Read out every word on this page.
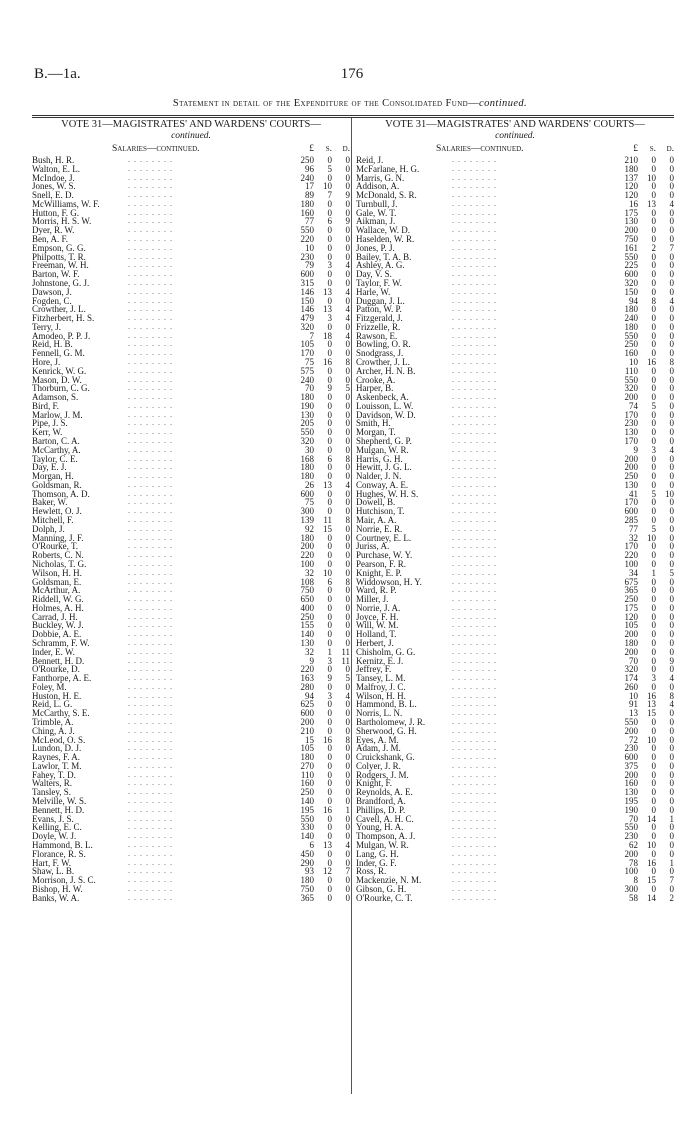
B.—1a.	176
Statement in detail of the Expenditure of the Consolidated Fund—continued.
VOTE 31—MAGISTRATES' AND WARDENS' COURTS—
continued.
Salaries—continued.	£ s. d.
Bush, H. R.	. . . . . . . .	250	0	0
Walton, E. L.	. . . . . . . .	96	5	0
McIndoe, J.	. . . . . . . .	240	0	0
Jones, W. S.	. . . . . . . .	17	10	0
Snell, E. D.	. . . . . . . .	89	7	9
McWilliams, W. F.	. . . . . . . .	180	0	0
Hutton, F. G.	. . . . . . . .	160	0	0
Morris, H. S. W.	. . . . . . . .	77	6	9
Dyer, R. W.	. . . . . . . .	550	0	0
Ben, A. F.	. . . . . . . .	220	0	0
Empson, G. G.	. . . . . . . .	10	0	0
Philpotts, T. R.	. . . . . . . .	230	0	0
Freeman, W. H.	. . . . . . . .	79	3	4
Barton, W. F.	. . . . . . . .	600	0	0
Johnstone, G. J.	. . . . . . . .	315	0	0
Dawson, J.	. . . . . . . .	146	13	4
Fogden, C.	. . . . . . . .	150	0	0
Crowther, J. L.	. . . . . . . .	146	13	4
Fitzherbert, H. S.	. . . . . . . .	479	3	4
Terry, J.	. . . . . . . .	320	0	0
Amodeo, P. P. J.	. . . . . . . .	7	18	4
Reid, H. B.	. . . . . . . .	105	0	0
Fennell, G. M.	. . . . . . . .	170	0	0
Hore, J.	. . . . . . . .	75	16	8
Kenrick, W. G.	. . . . . . . .	575	0	0
Mason, D. W.	. . . . . . . .	240	0	0
Thorburn, C. G.	. . . . . . . .	70	9	5
Adamson, S.	. . . . . . . .	180	0	0
Bird, F.	. . . . . . . .	190	0	0
Marlow, J. M.	. . . . . . . .	130	0	0
Pipe, J. S.	. . . . . . . .	205	0	0
Kerr, W.	. . . . . . . .	550	0	0
Barton, C. A.	. . . . . . . .	320	0	0
McCarthy, A.	. . . . . . . .	30	0	0
Taylor, C. E.	. . . . . . . .	168	6	8
Day, E. J.	. . . . . . . .	180	0	0
Morgan, H.	. . . . . . . .	180	0	0
Goldsman, R.	. . . . . . . .	26	13	4
Thomson, A. D.	. . . . . . . .	600	0	0
Baker, W.	. . . . . . . .	75	0	0
Hewlett, O. J.	. . . . . . . .	300	0	0
Mitchell, F.	. . . . . . . .	139	11	8
Dolph, J.	. . . . . . . .	92	15	0
Manning, J. F.	. . . . . . . .	180	0	0
O'Rourke, T.	. . . . . . . .	200	0	0
Roberts, C. N.	. . . . . . . .	220	0	0
Nicholas, T. G.	. . . . . . . .	100	0	0
Wilson, H. H.	. . . . . . . .	32	10	0
Goldsman, E.	. . . . . . . .	108	6	8
McArthur, A.	. . . . . . . .	750	0	0
Riddell, W. G.	. . . . . . . .	650	0	0
Holmes, A. H.	. . . . . . . .	400	0	0
Carrad, J. H.	. . . . . . . .	250	0	0
Buckley, W. J.	. . . . . . . .	155	0	0
Dobbie, A. E.	. . . . . . . .	140	0	0
Schramm, F. W.	. . . . . . . .	130	0	0
Inder, E. W.	. . . . . . . .	32	1	11
Bennett, H. D.	. . . . . . . .	9	3	11
O'Rourke, D.	. . . . . . . .	220	0	0
Fanthorpe, A. E.	. . . . . . . .	163	9	5
Foley, M.	. . . . . . . .	280	0	0
Huston, H. E.	. . . . . . . .	94	3	4
Reid, L. G.	. . . . . . . .	625	0	0
McCarthy, S. E.	. . . . . . . .	600	0	0
Trimble, A.	. . . . . . . .	200	0	0
Ching, A. J.	. . . . . . . .	210	0	0
McLeod, O. S.	. . . . . . . .	15	16	8
Lundon, D. J.	. . . . . . . .	105	0	0
Raynes, F. A.	. . . . . . . .	180	0	0
Lawlor, T. M.	. . . . . . . .	270	0	0
Fahey, T. D.	. . . . . . . .	110	0	0
Walters, R.	. . . . . . . .	160	0	0
Tansley, S.	. . . . . . . .	250	0	0
Melville, W. S.	. . . . . . . .	140	0	0
Bennett, H. D.	. . . . . . . .	195	16	1
Evans, J. S.	. . . . . . . .	550	0	0
Kelling, E. C.	. . . . . . . .	330	0	0
Doyle, W. J.	. . . . . . . .	140	0	0
Hammond, B. L.	. . . . . . . .	6	13	4
Florance, R. S.	. . . . . . . .	450	0	0
Hart, F. W.	. . . . . . . .	290	0	0
Shaw, L. B.	. . . . . . . .	93	12	7
Morrison, J. S. C.	. . . . . . . .	180	0	0
Bishop, H. W.	. . . . . . . .	750	0	0
Banks, W. A.	. . . . . . . .	365	0	0
VOTE 31—MAGISTRATES' AND WARDENS' COURTS—
continued.
Salaries—continued.	£ s. d.
Reid, J.	. . . . . . . .	210	0	0
McFarlane, H. G.	. . . . . . . .	180	0	0
Marris, G. N.	. . . . . . . .	137	10	0
Addison, A.	. . . . . . . .	120	0	0
McDonald, S. R.	. . . . . . . .	120	0	0
Turnbull, J.	. . . . . . . .	16	13	4
Gale, W. T.	. . . . . . . .	175	0	0
Aikman, J.	. . . . . . . .	130	0	0
Wallace, W. D.	. . . . . . . .	200	0	0
Haselden, W. R.	. . . . . . . .	750	0	0
Jones, P. J.	. . . . . . . .	161	2	7
Bailey, T. A. B.	. . . . . . . .	550	0	0
Ashley, A. G.	. . . . . . . .	225	0	0
Day, V. S.	. . . . . . . .	600	0	0
Taylor, F. W.	. . . . . . . .	320	0	0
Harle, W.	. . . . . . . .	150	0	0
Duggan, J. L.	. . . . . . . .	94	8	4
Patton, W. P.	. . . . . . . .	180	0	0
Fitzgerald, J.	. . . . . . . .	240	0	0
Frizzelle, R.	. . . . . . . .	180	0	0
Rawson, E.	. . . . . . . .	550	0	0
Bowling, O. R.	. . . . . . . .	250	0	0
Snodgrass, J.	. . . . . . . .	160	0	0
Crowther, J. L.	. . . . . . . .	10	16	8
Archer, H. N. B.	. . . . . . . .	110	0	0
Crooke, A.	. . . . . . . .	550	0	0
Harper, B.	. . . . . . . .	320	0	0
Askenbeck, A.	. . . . . . . .	200	0	0
Louisson, L. W.	. . . . . . . .	74	5	0
Davidson, W. D.	. . . . . . . .	170	0	0
Smith, H.	. . . . . . . .	230	0	0
Morgan, T.	. . . . . . . .	130	0	0
Shepherd, G. P.	. . . . . . . .	170	0	0
Mulgan, W. R.	. . . . . . . .	9	3	4
Harris, G. H.	. . . . . . . .	200	0	0
Hewitt, J. G. L.	. . . . . . . .	200	0	0
Nalder, J. N.	. . . . . . . .	250	0	0
Conway, A. E.	. . . . . . . .	130	0	0
Hughes, W. H. S.	. . . . . . . .	41	5	10
Dowell, B.	. . . . . . . .	170	0	0
Hutchison, T.	. . . . . . . .	600	0	0
Mair, A. A.	. . . . . . . .	285	0	0
Norrie, E. R.	. . . . . . . .	77	5	0
Courtney, E. L.	. . . . . . . .	32	10	0
Juriss, A.	. . . . . . . .	170	0	0
Purchase, W. Y.	. . . . . . . .	220	0	0
Pearson, F. R.	. . . . . . . .	100	0	0
Knight, E. P.	. . . . . . . .	34	1	5
Widdowson, H. Y.	. . . . . . . .	675	0	0
Ward, R. P.	. . . . . . . .	365	0	0
Miller, J.	. . . . . . . .	250	0	0
Norrie, J. A.	. . . . . . . .	175	0	0
Joyce, F. H.	. . . . . . . .	120	0	0
Will, W. M.	. . . . . . . .	105	0	0
Holland, T.	. . . . . . . .	200	0	0
Herbert, J.	. . . . . . . .	180	0	0
Chisholm, G. G.	. . . . . . . .	200	0	0
Kernitz, E. J.	. . . . . . . .	70	0	9
Jeffrey, F.	. . . . . . . .	320	0	0
Tansey, L. M.	. . . . . . . .	174	3	4
Malfroy, J. C.	. . . . . . . .	260	0	0
Wilson, H. H.	. . . . . . . .	10	16	8
Hammond, B. L.	. . . . . . . .	91	13	4
Norris, L. N.	. . . . . . . .	13	15	0
Bartholomew, J. R.	. . . . . . . .	550	0	0
Sherwood, G. H.	. . . . . . . .	200	0	0
Eyes, A. M.	. . . . . . . .	72	10	0
Adam, J. M.	. . . . . . . .	230	0	0
Cruickshank, G.	. . . . . . . .	600	0	0
Colyer, J. R.	. . . . . . . .	375	0	0
Rodgers, J. M.	. . . . . . . .	200	0	0
Knight, F.	. . . . . . . .	160	0	0
Reynolds, A. E.	. . . . . . . .	130	0	0
Brandford, A.	. . . . . . . .	195	0	0
Phillips, D. P.	. . . . . . . .	190	0	0
Cavell, A. H. C.	. . . . . . . .	70	14	1
Young, H. A.	. . . . . . . .	550	0	0
Thompson, A. J.	. . . . . . . .	230	0	0
Mulgan, W. R.	. . . . . . . .	62	10	0
Lang, G. H.	. . . . . . . .	200	0	0
Inder, G. F.	. . . . . . . .	78	16	1
Ross, R.	. . . . . . . .	100	0	0
Mackenzie, N. M.	. . . . . . . .	8	15	7
Gibson, G. H.	. . . . . . . .	300	0	0
O'Rourke, C. T.	. . . . . . . .	58	14	2
